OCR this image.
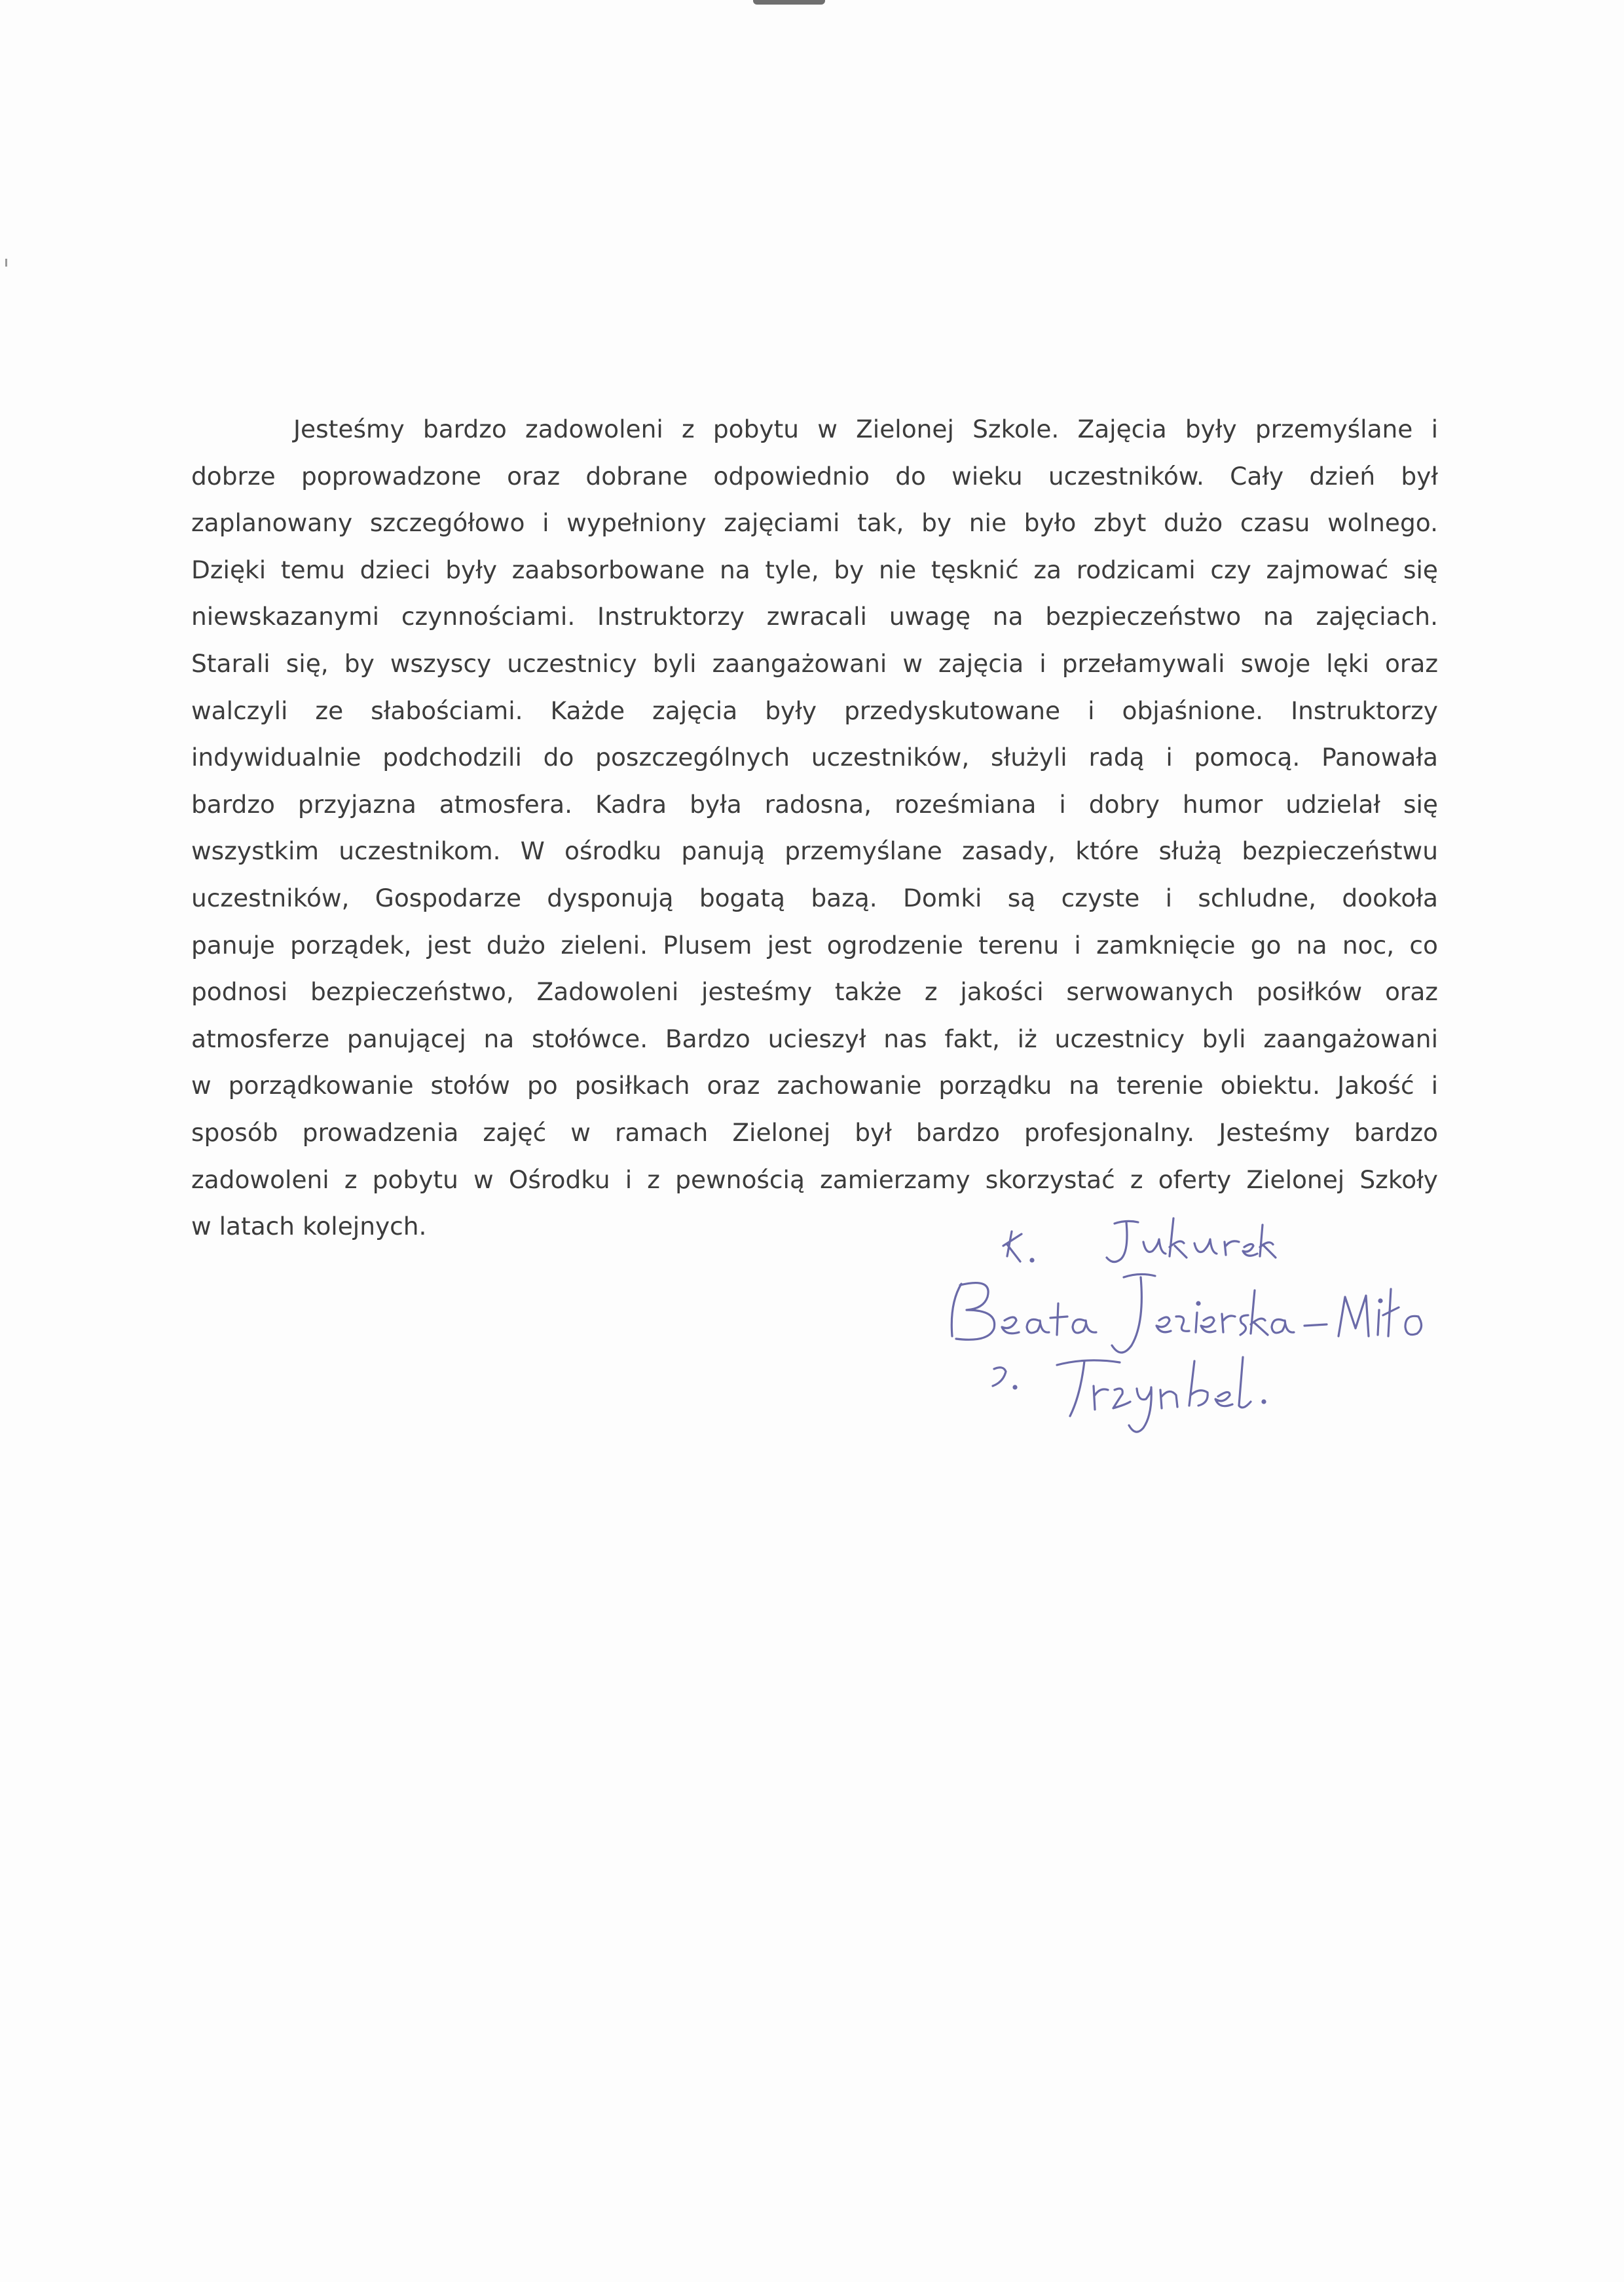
Jesteśmy bardzo zadowoleni z pobytu w Zielonej Szkole. Zajęcia były przemyślane i
dobrze poprowadzone oraz dobrane odpowiednio do wieku uczestników. Cały dzień był
zaplanowany szczegółowo i wypełniony zajęciami tak, by nie było zbyt dużo czasu wolnego.
Dzięki temu dzieci były zaabsorbowane na tyle, by nie tęsknić za rodzicami czy zajmować się
niewskazanymi czynnościami. Instruktorzy zwracali uwagę na bezpieczeństwo na zajęciach.
Starali się, by wszyscy uczestnicy byli zaangażowani w zajęcia i przełamywali swoje lęki oraz
walczyli ze słabościami. Każde zajęcia były przedyskutowane i objaśnione. Instruktorzy
indywidualnie podchodzili do poszczególnych uczestników, służyli radą i pomocą. Panowała
bardzo przyjazna atmosfera. Kadra była radosna, roześmiana i dobry humor udzielał się
wszystkim uczestnikom. W ośrodku panują przemyślane zasady, które służą bezpieczeństwu
uczestników, Gospodarze dysponują bogatą bazą. Domki są czyste i schludne, dookoła
panuje porządek, jest dużo zieleni. Plusem jest ogrodzenie terenu i zamknięcie go na noc, co
podnosi bezpieczeństwo, Zadowoleni jesteśmy także z jakości serwowanych posiłków oraz
atmosferze panującej na stołówce. Bardzo ucieszył nas fakt, iż uczestnicy byli zaangażowani
w porządkowanie stołów po posiłkach oraz zachowanie porządku na terenie obiektu. Jakość i
sposób prowadzenia zajęć w ramach Zielonej był bardzo profesjonalny. Jesteśmy bardzo
zadowoleni z pobytu w Ośrodku i z pewnością zamierzamy skorzystać z oferty Zielonej Szkoły
w latach kolejnych.
